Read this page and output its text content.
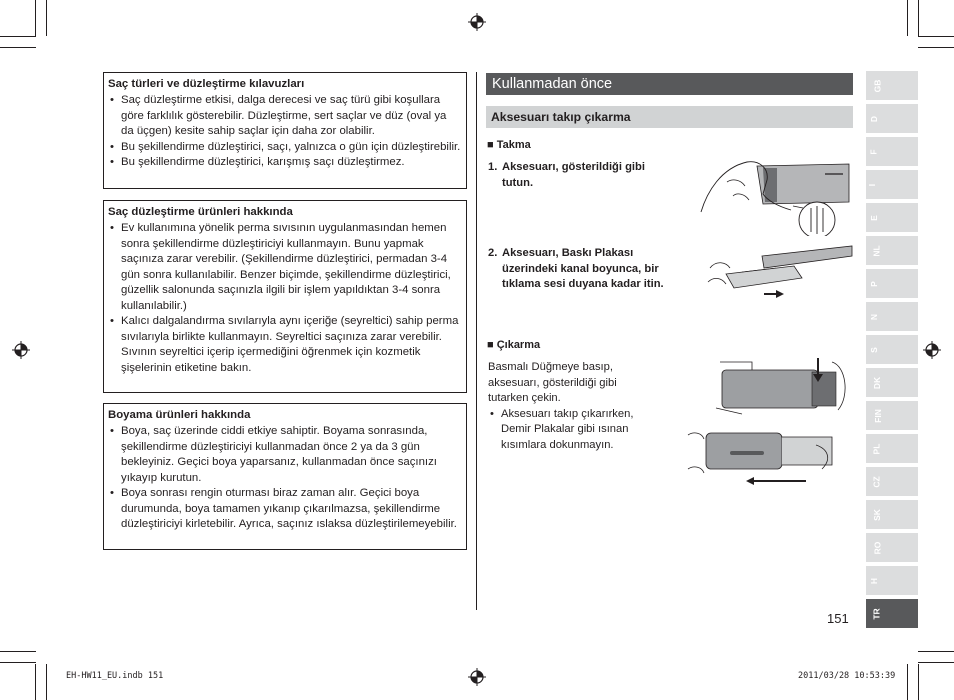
Saç türleri ve düzleştirme kılavuzları

• Saç düzleştirme etkisi, dalga derecesi ve saç türü gibi koşullara göre farklılık gösterebilir. Düzleştirme, sert saçlar ve düz (oval ya da üçgen) kesite sahip saçlar için daha zor olabilir.

• Bu şekillendirme düzleştirici, saçı, yalnızca o gün için düzleştirebilir.

• Bu şekillendirme düzleştirici, karışmış saçı düzleştirmez.

Saç düzleştirme ürünleri hakkında

• Ev kullanımına yönelik perma sıvısının uygulanmasından hemen sonra şekillendirme düzleştiriciyi kullanmayın. Bunu yapmak saçınıza zarar verebilir. (Şekillendirme düzleştirici, permadan 3-4 gün sonra kullanılabilir. Benzer biçimde, şekillendirme düzleştirici, güzellik salonunda saçınızla ilgili bir işlem yapıldıktan 3-4 sonra kullanılabilir.)

• Kalıcı dalgalandırma sıvılarıyla aynı içeriğe (seyreltici) sahip perma sıvılarıyla birlikte kullanmayın. Seyreltici saçınıza zarar verebilir.

Sıvının seyreltici içerip içermediğini öğrenmek için kozmetik şişelerinin etiketine bakın.

Boyama ürünleri hakkında

• Boya, saç üzerinde ciddi etkiye sahiptir. Boyama sonrasında, şekillendirme düzleştiriciyi kullanmadan önce 2 ya da 3 gün bekleyiniz. Geçici boya yaparsanız, kullanmadan önce saçınızı yıkayıp kurutun.

• Boya sonrası rengin oturması biraz zaman alır. Geçici boya durumunda, boya tamamen yıkanıp çıkarılmazsa, şekillendirme düzleştiriciyi kirletebilir. Ayrıca, saçınız ıslaksa düzleştirilemeyebilir.

Kullanmadan önce
Aksesuarı takıp çıkarma
■ Takma
1. Aksesuarı, gösterildiği gibi tutun.
2. Aksesuarı, Baskı Plakası üzerindeki kanal boyunca, bir tıklama sesi duyana kadar itin.
■ Çıkarma

Basmalı Düğmeye basıp, aksesuarı, gösterildiği gibi tutarken çekin.

• Aksesuarı takıp çıkarırken, Demir Plakalar gibi ısınan kısımlara dokunmayın.
GB
D
F
I
E
NL
P
N
S
DK
FIN
PL
CZ
SK
RO
H
TR
151
EH-HW11_EU.indb 151	2011/03/28 10:53:39
